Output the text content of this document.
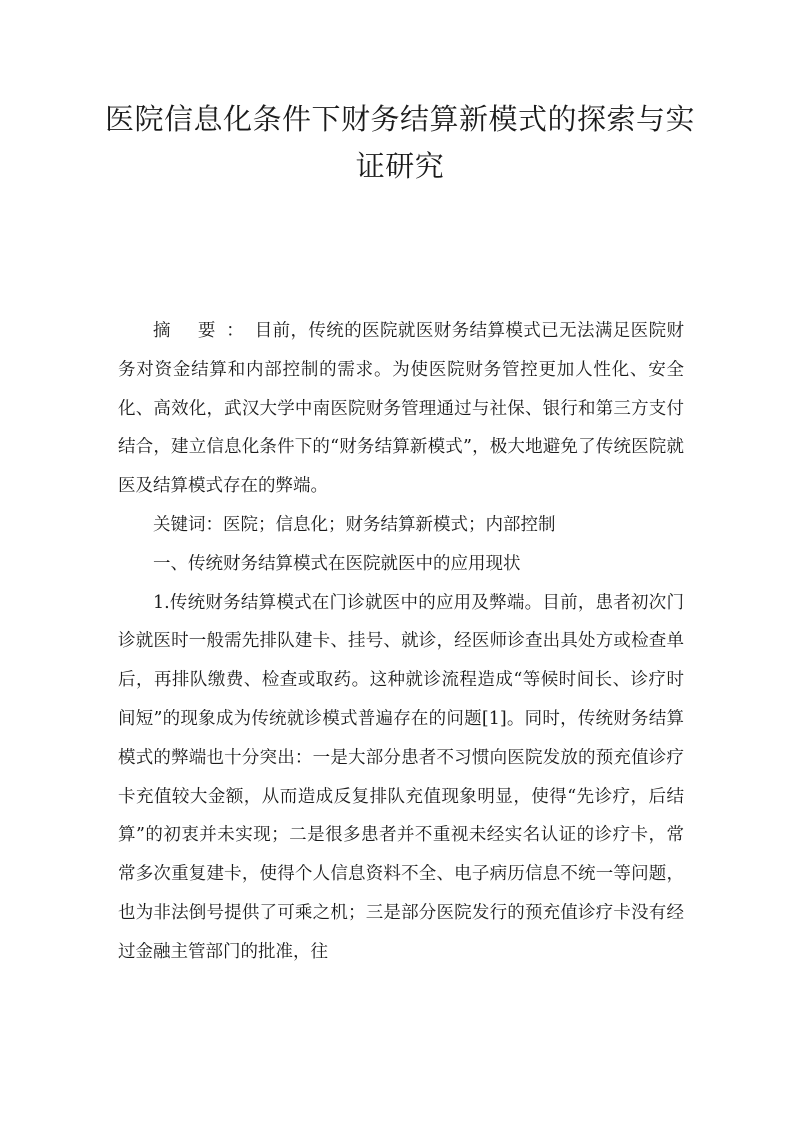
医院信息化条件下财务结算新模式的探索与实证研究

摘 要：目前，传统的医院就医财务结算模式已无法满足医院财务对资金结算和内部控制的需求。为使医院财务管控更加人性化、安全化、高效化，武汉大学中南医院财务管理通过与社保、银行和第三方支付结合，建立信息化条件下的“财务结算新模式”，极大地避免了传统医院就医及结算模式存在的弊端。

关键词：医院；信息化；财务结算新模式；内部控制

一、传统财务结算模式在医院就医中的应用现状

1.传统财务结算模式在门诊就医中的应用及弊端。目前，患者初次门诊就医时一般需先排队建卡、挂号、就诊，经医师诊查出具处方或检查单后，再排队缴费、检查或取药。这种就诊流程造成“等候时间长、诊疗时间短”的现象成为传统就诊模式普遍存在的问题[1]。同时，传统财务结算模式的弊端也十分突出：一是大部分患者不习惯向医院发放的预充值诊疗卡充值较大金额，从而造成反复排队充值现象明显，使得“先诊疗，后结算”的初衷并未实现；二是很多患者并不重视未经实名认证的诊疗卡，常常多次重复建卡，使得个人信息资料不全、电子病历信息不统一等问题，也为非法倒号提供了可乘之机；三是部分医院发行的预充值诊疗卡没有经过金融主管部门的批准，往
